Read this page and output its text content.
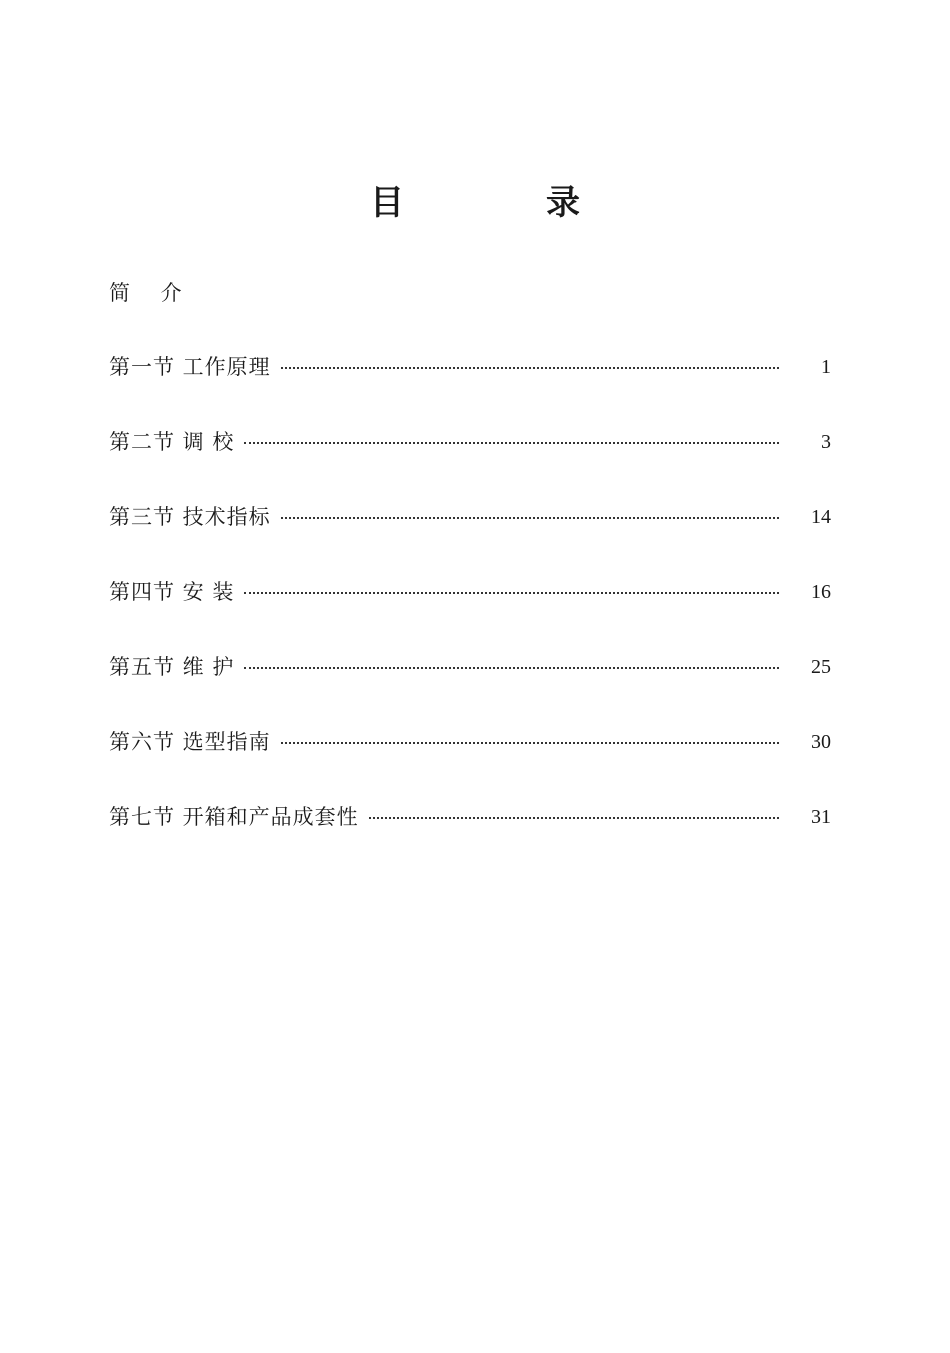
目　录
简 介
第一节 工作原理	1
第二节 调 校	3
第三节 技术指标	14
第四节 安 装	16
第五节 维 护	25
第六节 选型指南	30
第七节 开箱和产品成套性	31
